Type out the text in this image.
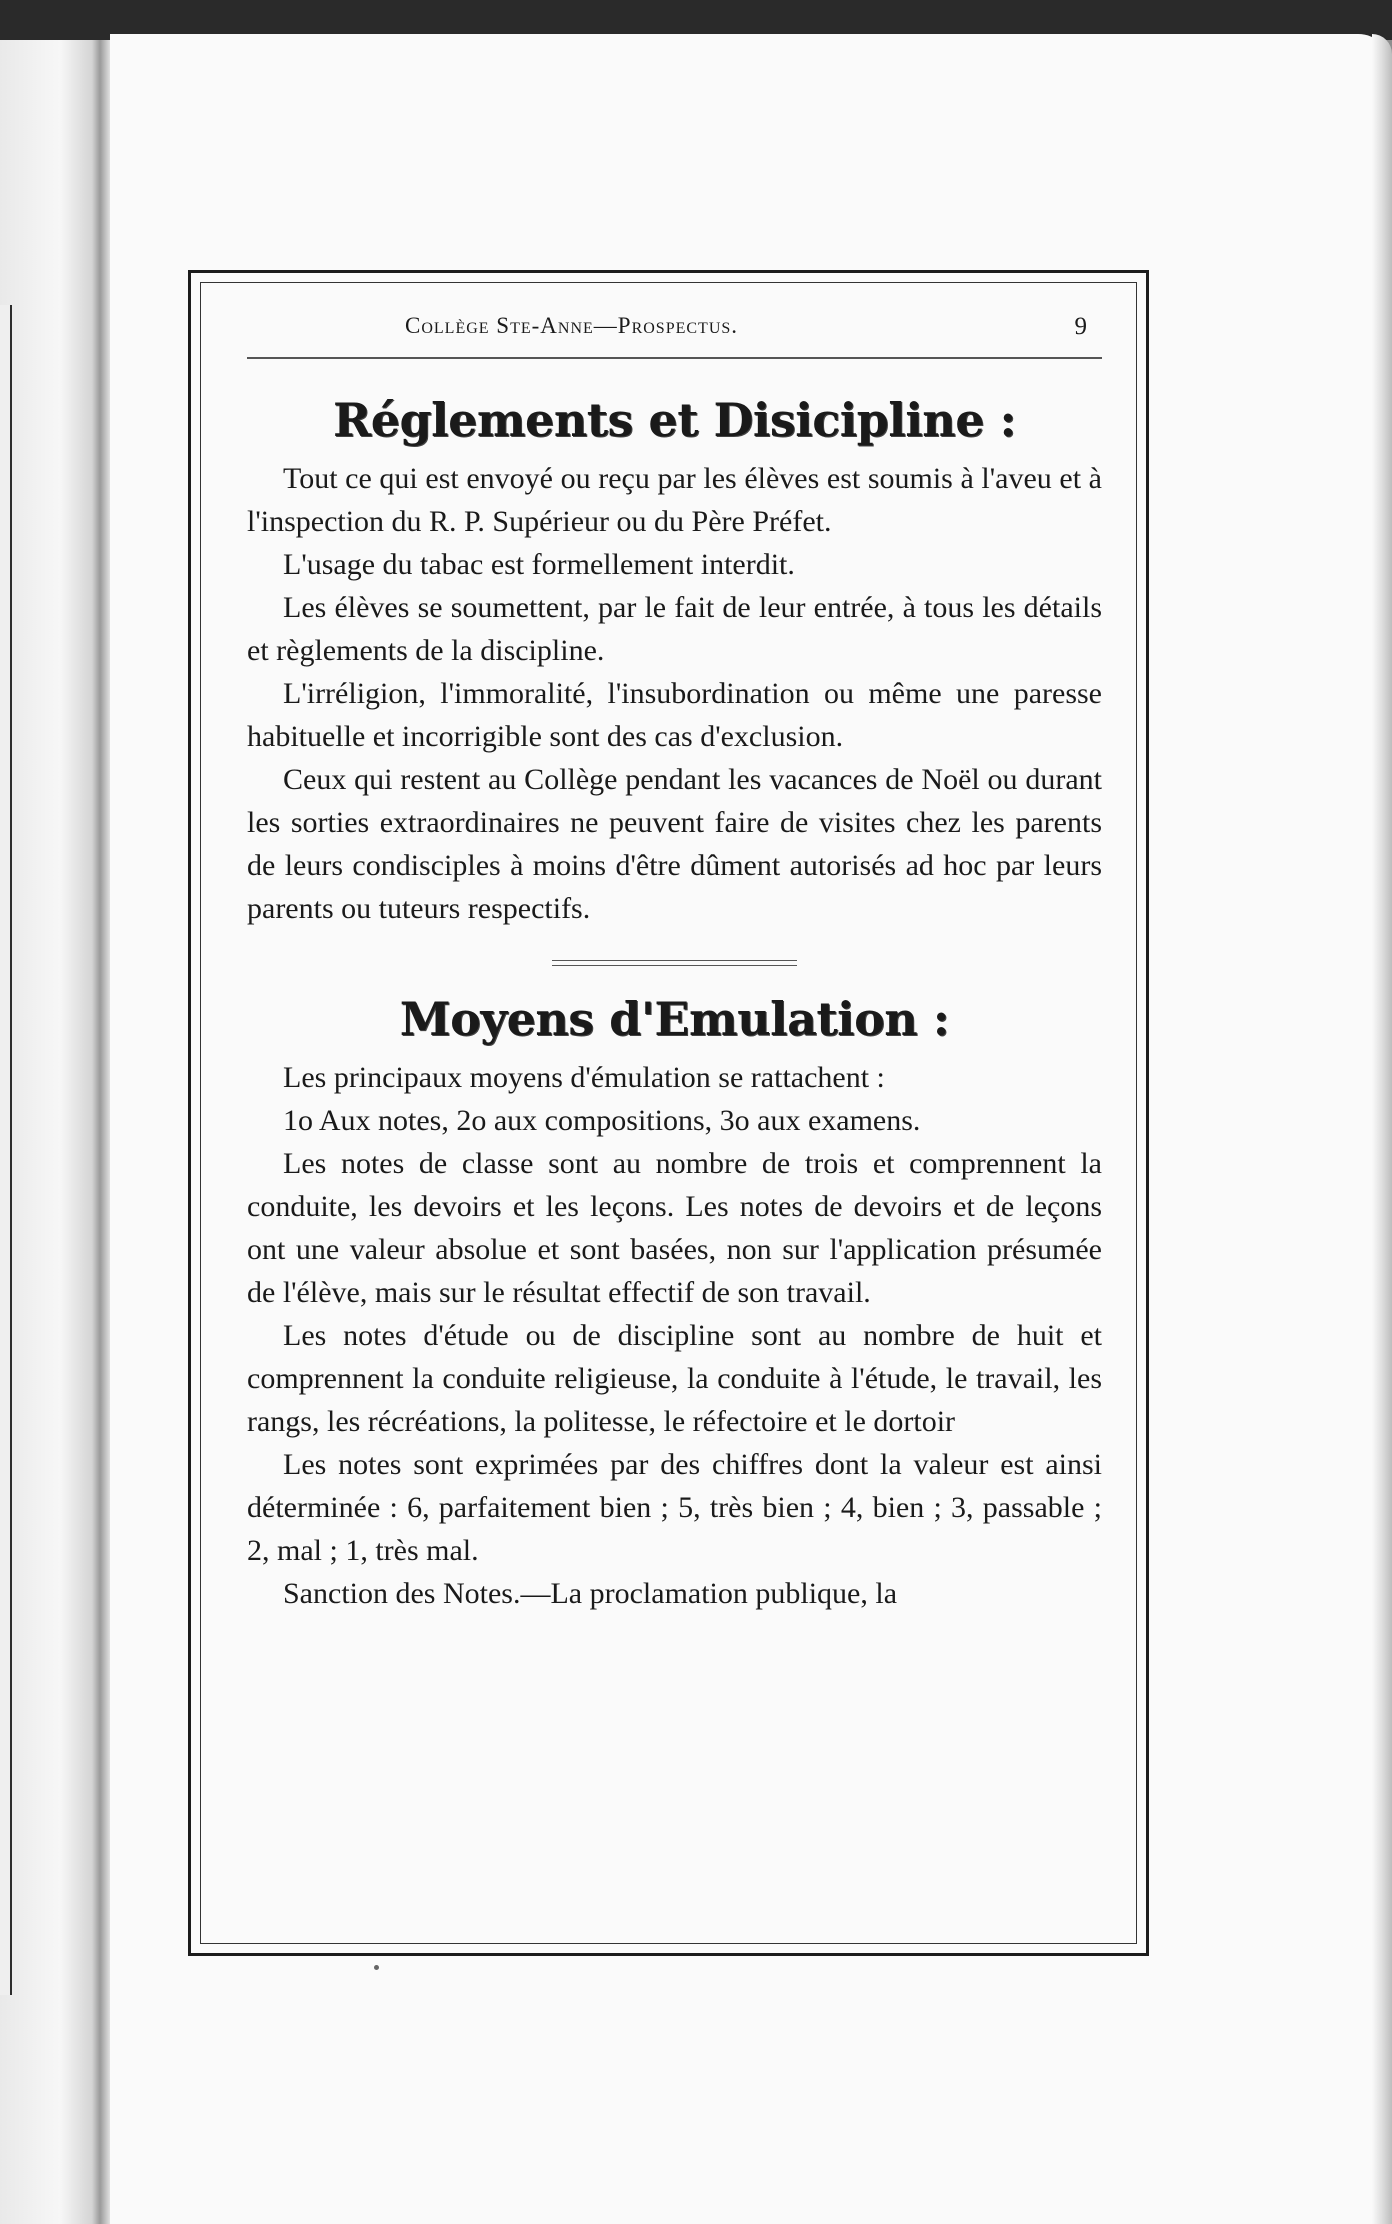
Collège Ste-Anne—Prospectus.	9
Réglements et Disicipline :

Tout ce qui est envoyé ou reçu par les élèves est soumis à l'aveu et à l'inspection du R. P. Supérieur ou du Père Préfet.

L'usage du tabac est formellement interdit.

Les élèves se soumettent, par le fait de leur entrée, à tous les détails et règlements de la discipline.

L'irréligion, l'immoralité, l'insubordination ou même une paresse habituelle et incorrigible sont des cas d'exclusion.

Ceux qui restent au Collège pendant les vacances de Noël ou durant les sorties extraordinaires ne peuvent faire de visites chez les parents de leurs condisciples à moins d'être dûment autorisés ad hoc par leurs parents ou tuteurs respectifs.

Moyens d'Emulation :

Les principaux moyens d'émulation se rattachent :

1o Aux notes, 2o aux compositions, 3o aux examens.

Les notes de classe sont au nombre de trois et comprennent la conduite, les devoirs et les leçons. Les notes de devoirs et de leçons ont une valeur absolue et sont basées, non sur l'application présumée de l'élève, mais sur le résultat effectif de son travail.

Les notes d'étude ou de discipline sont au nombre de huit et comprennent la conduite religieuse, la conduite à l'étude, le travail, les rangs, les récréations, la politesse, le réfectoire et le dortoir

Les notes sont exprimées par des chiffres dont la valeur est ainsi déterminée : 6, parfaitement bien ; 5, très bien ; 4, bien ; 3, passable ; 2, mal ; 1, très mal.

Sanction des Notes.—La proclamation publique, la
